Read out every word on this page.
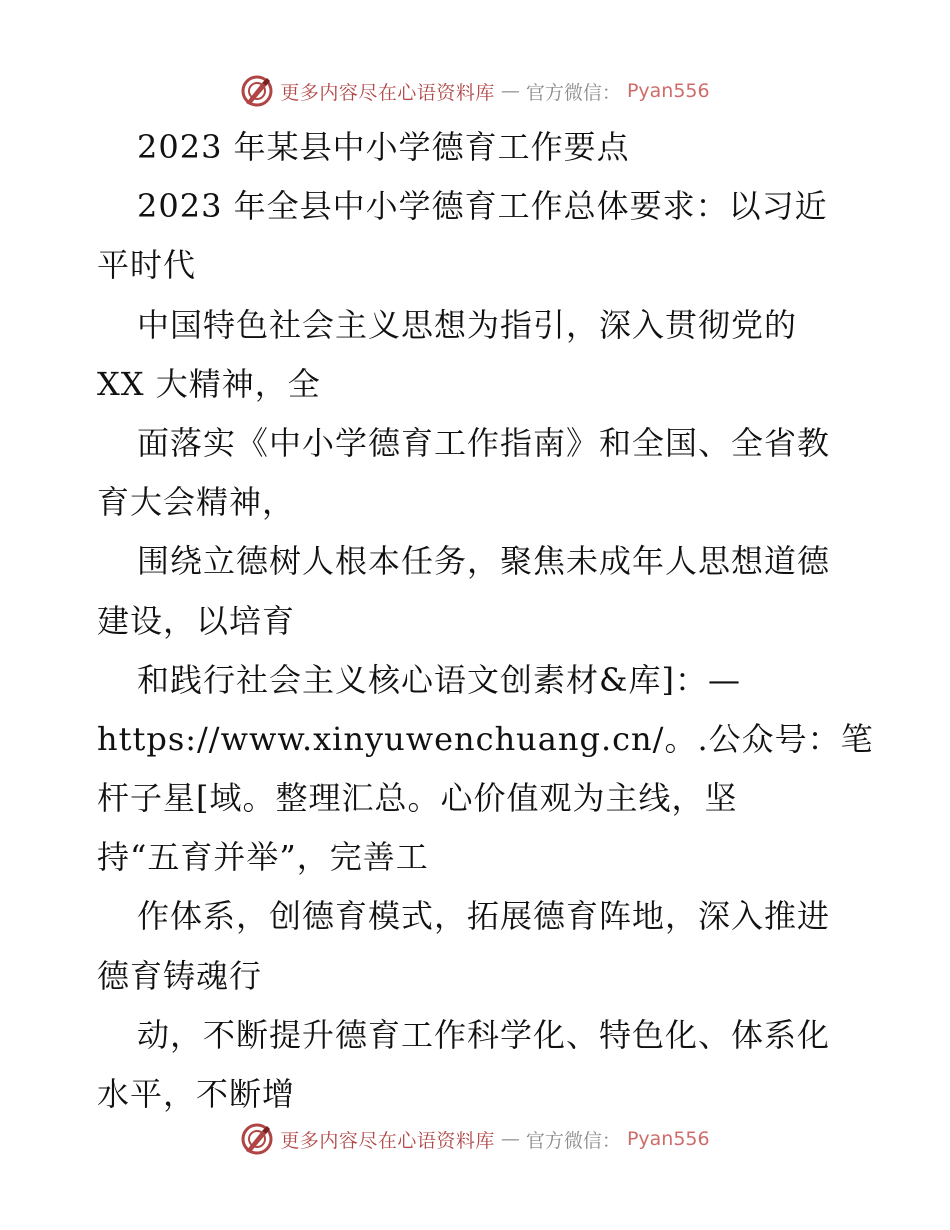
更多内容尽在心语资料库 — 官方微信： Pyan556
2023 年某县中小学德育工作要点
2023 年全县中小学德育工作总体要求：以习近
平时代
中国特色社会主义思想为指引，深入贯彻党的
XX 大精神，全
面落实《中小学德育工作指南》和全国、全省教
育大会精神，
围绕立德树人根本任务，聚焦未成年人思想道德
建设，以培育
和践行社会主义核心语文创素材&库]：—
https://www.xinyuwenchuang.cn/。.公众号：笔
杆子星[域。整理汇总。心价值观为主线，坚
持“五育并举”，完善工
作体系，创德育模式，拓展德育阵地，深入推进
德育铸魂行
动，不断提升德育工作科学化、特色化、体系化
水平，不断增
更多内容尽在心语资料库 — 官方微信： Pyan556
